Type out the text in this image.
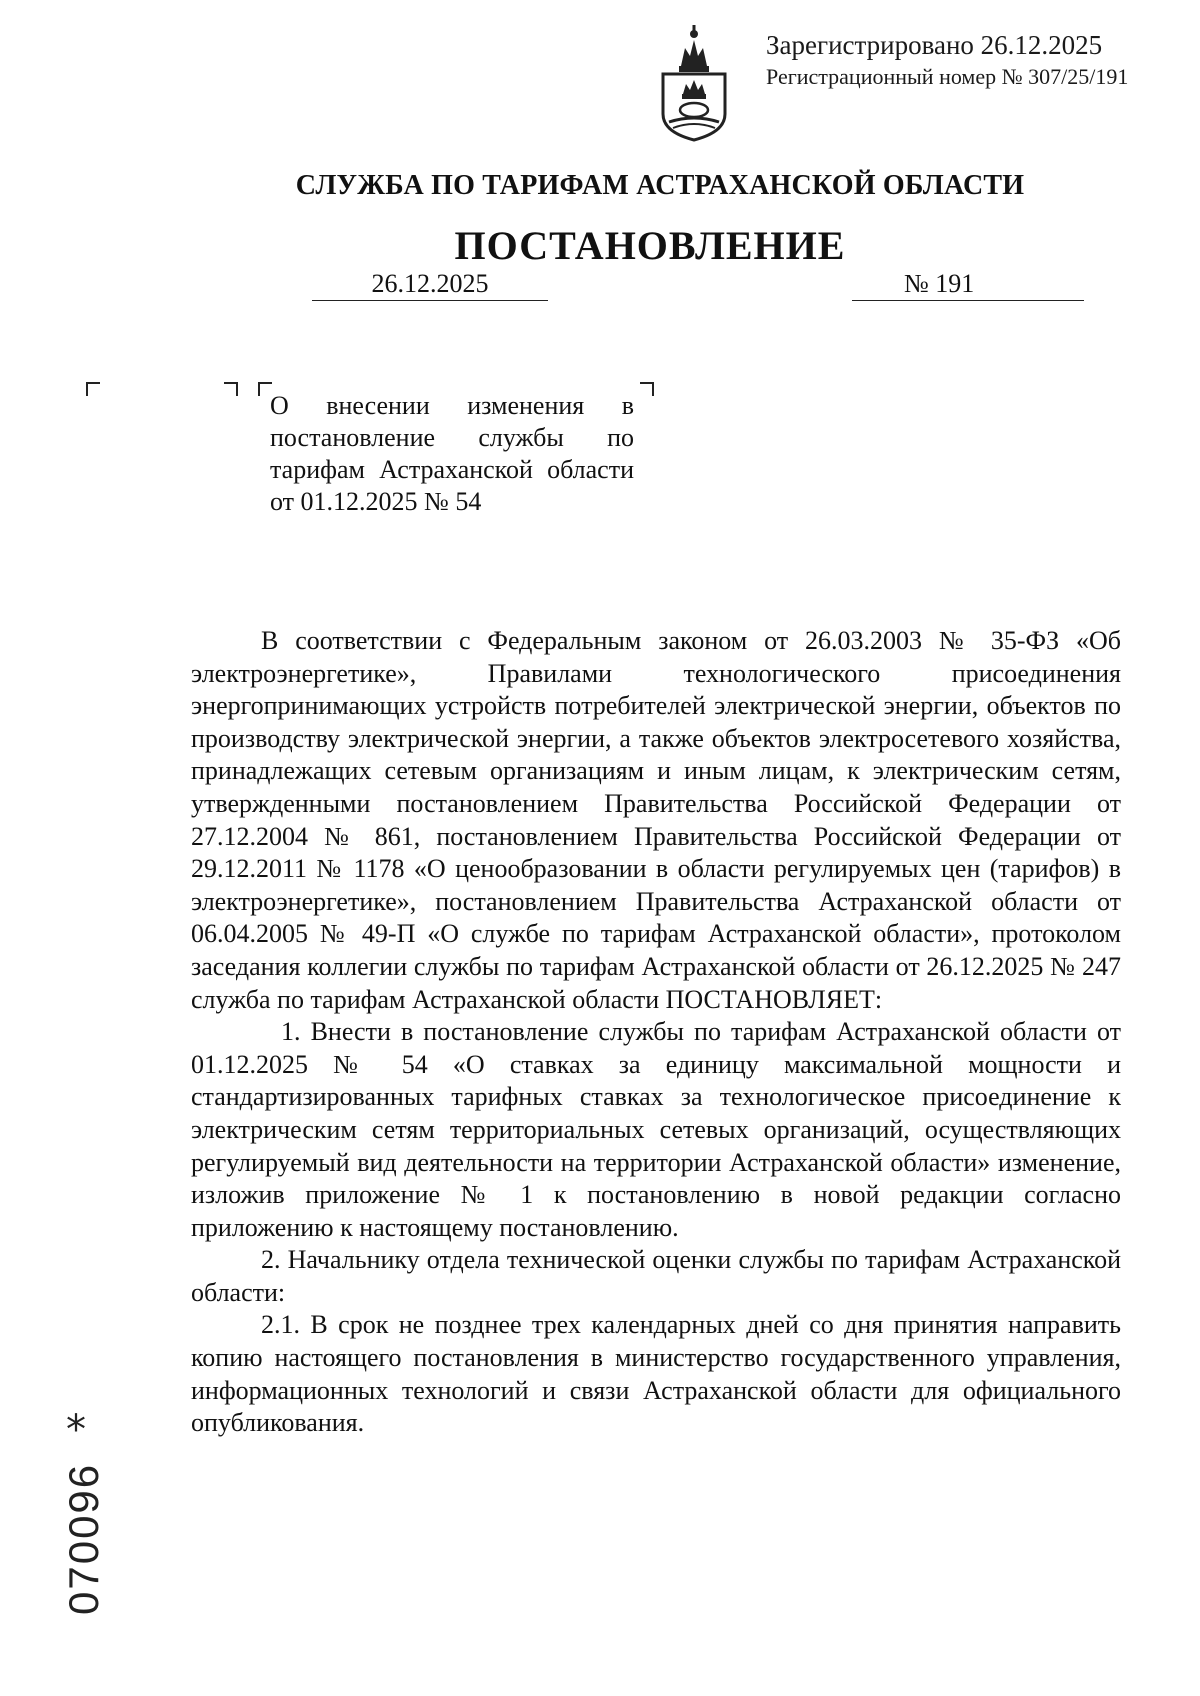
Зарегистрировано 26.12.2025
Регистрационный номер № 307/25/191
СЛУЖБА ПО ТАРИФАМ АСТРАХАНСКОЙ ОБЛАСТИ
ПОСТАНОВЛЕНИЕ
26.12.2025	№ 191
О внесении изменения в постановление службы по тарифам Астраханской области от 01.12.2025 № 54

В соответствии с Федеральным законом от 26.03.2003 № 35-ФЗ «Об электроэнергетике», Правилами технологического присоединения энергопринимающих устройств потребителей электрической энергии, объектов по производству электрической энергии, а также объектов электросетевого хозяйства, принадлежащих сетевым организациям и иным лицам, к электрическим сетям, утвержденными постановлением Правительства Российской Федерации от 27.12.2004 № 861, постановлением Правительства Российской Федерации от 29.12.2011 № 1178 «О ценообразовании в области регулируемых цен (тарифов) в электроэнергетике», постановлением Правительства Астраханской области от 06.04.2005 № 49-П «О службе по тарифам Астраханской области», протоколом заседания коллегии службы по тарифам Астраханской области от 26.12.2025 № 247 служба по тарифам Астраханской области ПОСТАНОВЛЯЕТ:

1. Внести в постановление службы по тарифам Астраханской области от 01.12.2025 № 54 «О ставках за единицу максимальной мощности и стандартизированных тарифных ставках за технологическое присоединение к электрическим сетям территориальных сетевых организаций, осуществляющих регулируемый вид деятельности на территории Астраханской области» изменение, изложив приложение № 1 к постановлению в новой редакции согласно приложению к настоящему постановлению.

2. Начальнику отдела технической оценки службы по тарифам Астраханской области:

2.1. В срок не позднее трех календарных дней со дня принятия направить копию настоящего постановления в министерство государственного управления, информационных технологий и связи Астраханской области для официального опубликования.

*
070096
